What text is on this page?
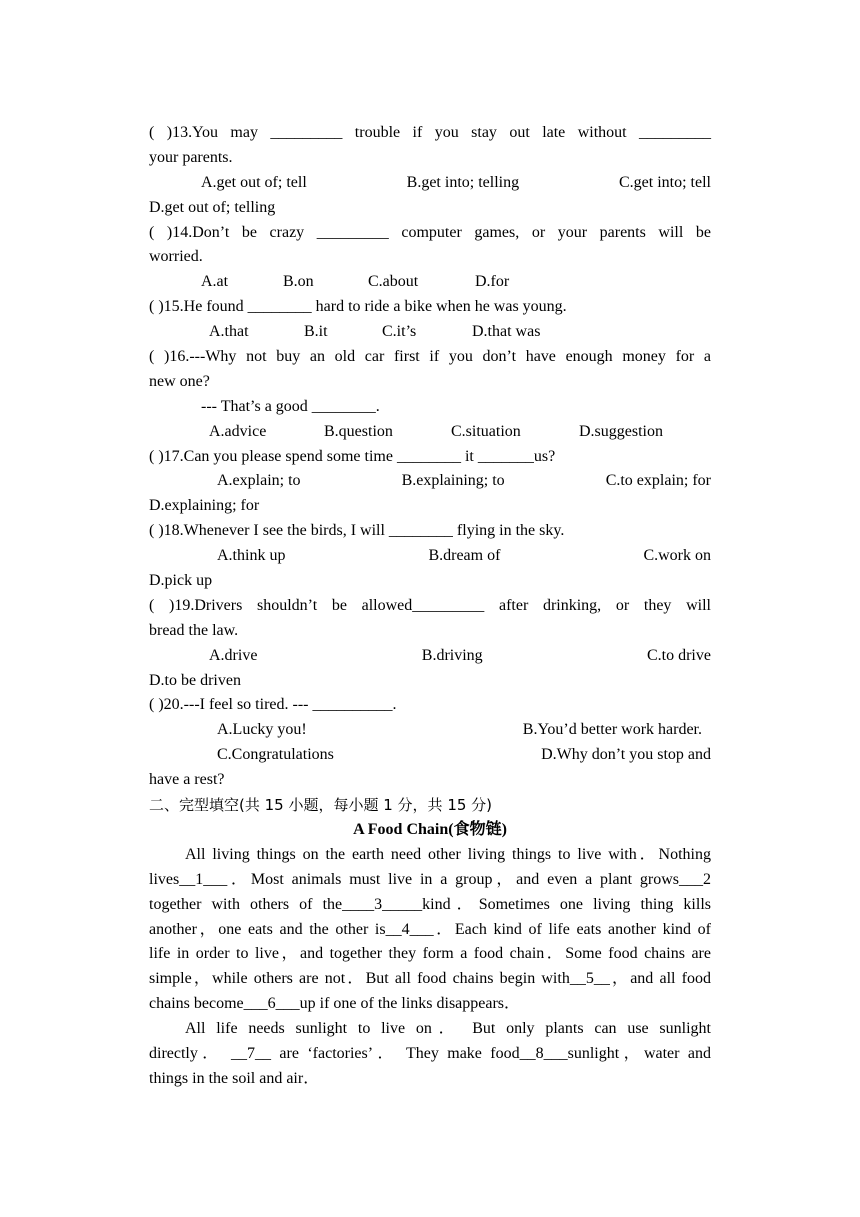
( )13.You may _________ trouble if you stay out late without _________
your parents.
A.get out of; tell	B.get into; telling	C.get into; tell
D.get out of; telling
( )14.Don’t be crazy _________ computer games, or your parents will be
worried.
A.at	B.on	C.about	D.for
( )15.He found ________ hard to ride a bike when he was young.
A.that	B.it	C.it’s	D.that was
( )16.---Why not buy an old car first if you don’t have enough money for a
new one?
--- That’s a good ________.
A.advice	B.question	C.situation	D.suggestion
( )17.Can you please spend some time ________ it _______us?
A.explain; to	B.explaining; to	C.to explain; for
D.explaining; for
( )18.Whenever I see the birds, I will ________ flying in the sky.
A.think up	B.dream of	C.work on
D.pick up
( )19.Drivers shouldn’t be allowed_________ after drinking, or they will
bread the law.
A.drive	B.driving	C.to drive
D.to be driven
( )20.---I feel so tired. --- __________.
A.Lucky you!	B.You’d better work harder.
C.Congratulations	D.Why don’t you stop and
have a rest?
二、完型填空(共 15 小题，每小题 1 分，共 15 分)
A Food Chain(食物链)
All living things on the earth need other living things to live with．Nothing
lives__1___．Most animals must live in a group，and even a plant grows___2
together with others of the____3_____kind．Sometimes one living thing kills
another，one eats and the other is__4___．Each kind of life eats another kind of
life in order to live，and together they form a food chain．Some food chains are
simple，while others are not．But all food chains begin with__5__，and all food
chains become___6___up if one of the links disappears．
All life needs sunlight to live on． But only plants can use sunlight
directly． __7__ are ‘factories’． They make food__8___sunlight，water and
things in the soil and air．
